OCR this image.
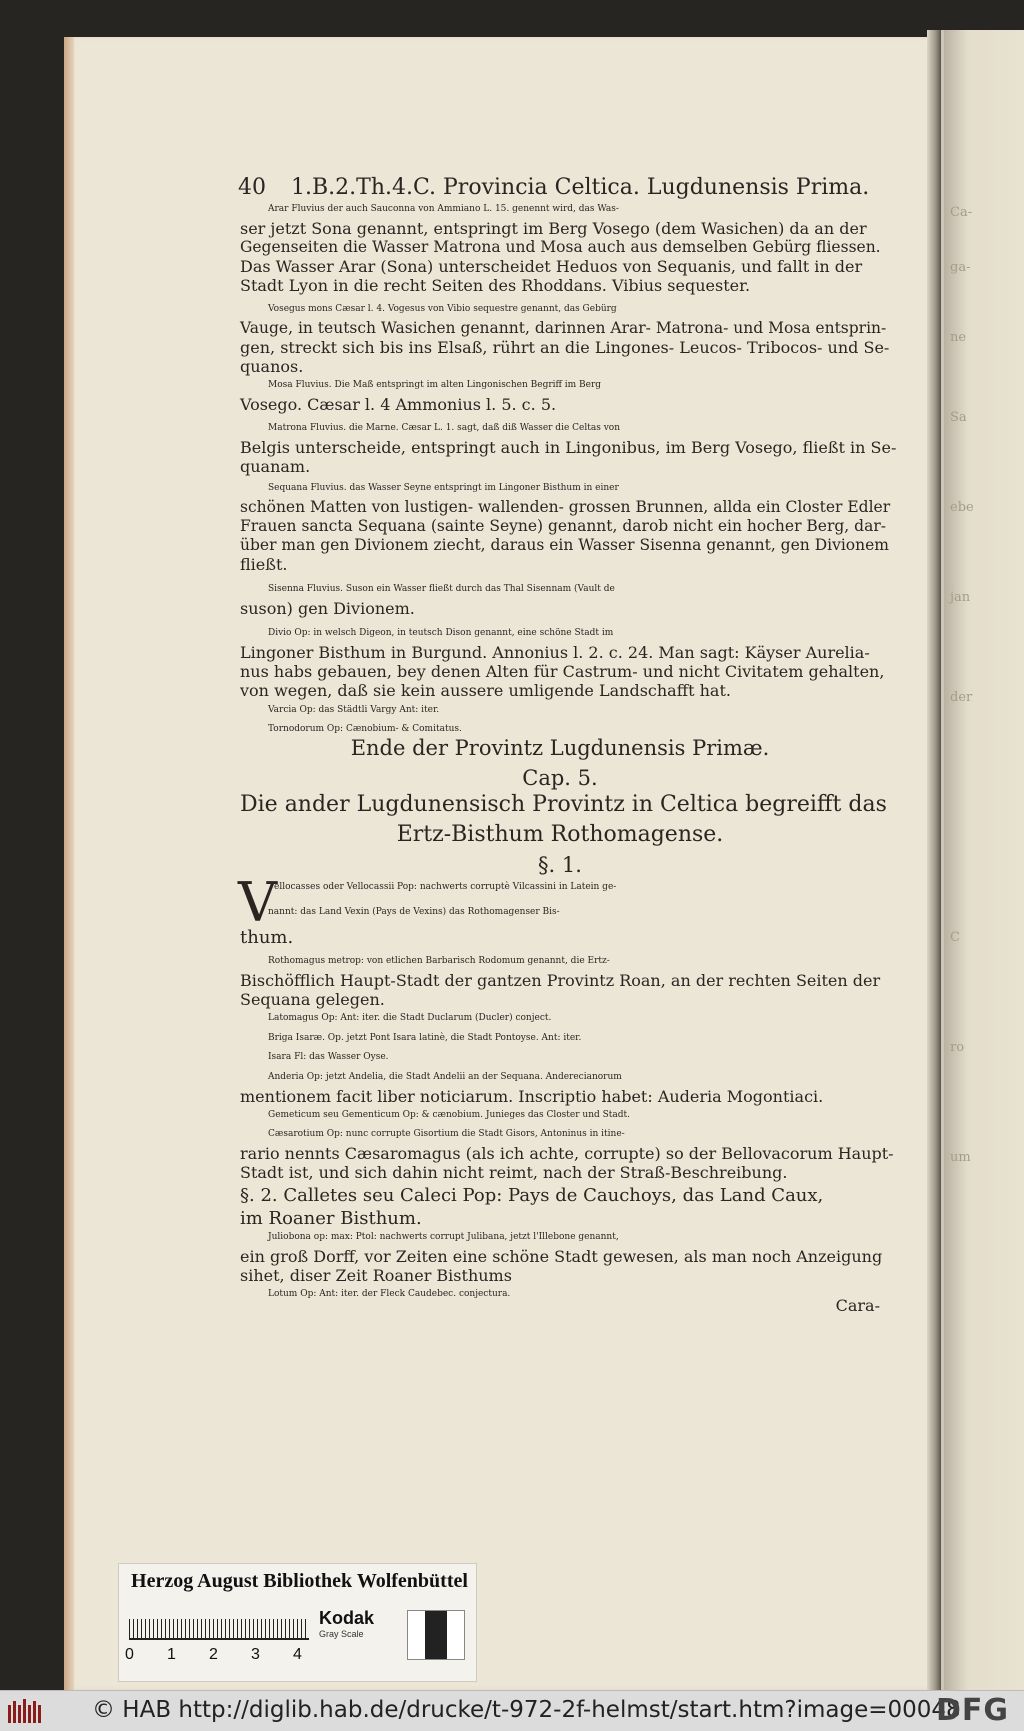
Ca-
ga-
ne
Sa
ebe
jan
der
C
ro
um
40 1.B.2.Th.4.C. Provincia Celtica. Lugdunensis Prima.
Arar Fluvius der auch Sauconna von Ammiano L. 15. genennt wird, das Was-
ser jetzt Sona genannt, entspringt im Berg Vosego (dem Wasichen) da an der
Gegenseiten die Wasser Matrona und Mosa auch aus demselben Gebürg fliessen.
Das Wasser Arar (Sona) unterscheidet Heduos von Sequanis, und fallt in der
Stadt Lyon in die recht Seiten des Rhoddans. Vibius sequester.
Vosegus mons Cæsar l. 4. Vogesus von Vibio sequestre genannt, das Gebürg
Vauge, in teutsch Wasichen genannt, darinnen Arar- Matrona- und Mosa entsprin-
gen, streckt sich bis ins Elsaß, rührt an die Lingones- Leucos- Tribocos- und Se-
quanos.
Mosa Fluvius. Die Maß entspringt im alten Lingonischen Begriff im Berg
Vosego. Cæsar l. 4 Ammonius l. 5. c. 5.
Matrona Fluvius. die Marne. Cæsar L. 1. sagt, daß diß Wasser die Celtas von
Belgis unterscheide, entspringt auch in Lingonibus, im Berg Vosego, fließt in Se-
quanam.
Sequana Fluvius. das Wasser Seyne entspringt im Lingoner Bisthum in einer
schönen Matten von lustigen- wallenden- grossen Brunnen, allda ein Closter Edler
Frauen sancta Sequana (sainte Seyne) genannt, darob nicht ein hocher Berg, dar-
über man gen Divionem ziecht, daraus ein Wasser Sisenna genannt, gen Divionem
fließt.
Sisenna Fluvius. Suson ein Wasser fließt durch das Thal Sisennam (Vault de
suson) gen Divionem.
Divio Op: in welsch Digeon, in teutsch Dison genannt, eine schöne Stadt im
Lingoner Bisthum in Burgund. Annonius l. 2. c. 24. Man sagt: Käyser Aurelia-
nus habs gebauen, bey denen Alten für Castrum- und nicht Civitatem gehalten,
von wegen, daß sie kein aussere umligende Landschafft hat.
Varcia Op: das Städtli Vargy Ant: iter.
Tornodorum Op: Cænobium- & Comitatus.
Ende der Provintz Lugdunensis Primæ.
Cap. 5.
Die ander Lugdunensisch Provintz in Celtica begreifft das
Ertz-Bisthum Rothomagense.
§. 1.
V
ellocasses oder Vellocassii Pop: nachwerts corruptè Vilcassini in Latein ge-
nannt: das Land Vexin (Pays de Vexins) das Rothomagenser Bis-
thum.
Rothomagus metrop: von etlichen Barbarisch Rodomum genannt, die Ertz-
Bischöfflich Haupt-Stadt der gantzen Provintz Roan, an der rechten Seiten der
Sequana gelegen.
Latomagus Op: Ant: iter. die Stadt Duclarum (Ducler) conject.
Briga Isaræ. Op. jetzt Pont Isara latinè, die Stadt Pontoyse. Ant: iter.
Isara Fl: das Wasser Oyse.
Anderia Op: jetzt Andelia, die Stadt Andelii an der Sequana. Anderecianorum
mentionem facit liber noticiarum. Inscriptio habet: Auderia Mogontiaci.
Gemeticum seu Gementicum Op: & cænobium. Junieges das Closter und Stadt.
Cæsarotium Op: nunc corrupte Gisortium die Stadt Gisors, Antoninus in itine-
rario nennts Cæsaromagus (als ich achte, corrupte) so der Bellovacorum Haupt-
Stadt ist, und sich dahin nicht reimt, nach der Straß-Beschreibung.
§. 2. Calletes seu Caleci Pop: Pays de Cauchoys, das Land Caux,
im Roaner Bisthum.
Juliobona op: max: Ptol: nachwerts corrupt Julibana, jetzt l'Illebone genannt,
ein groß Dorff, vor Zeiten eine schöne Stadt gewesen, als man noch Anzeigung
sihet, diser Zeit Roaner Bisthums
Lotum Op: Ant: iter. der Fleck Caudebec. conjectura.
Cara-
Herzog August Bibliothek Wolfenbüttel
0 1 2 3 4
Kodak
Gray Scale
© HAB http://diglib.hab.de/drucke/t-972-2f-helmst/start.htm?image=00048
DFG
